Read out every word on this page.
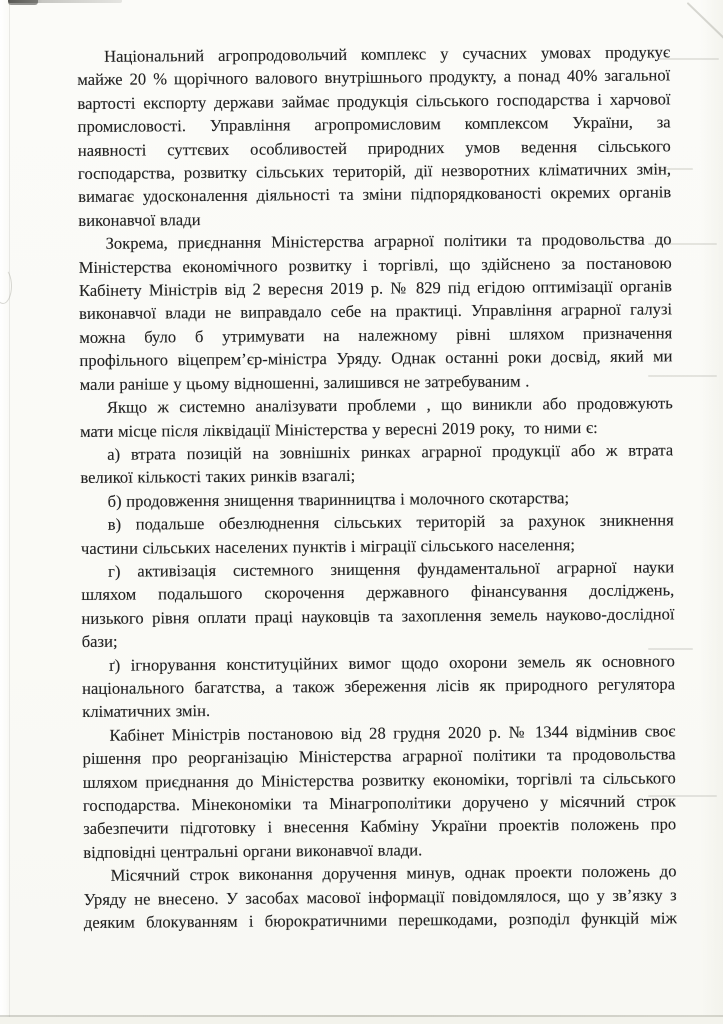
Національний агропродовольчий комплекс у сучасних умовах продукує
майже 20 % щорічного валового внутрішнього продукту, а понад 40% загальної
вартості експорту держави займає продукція сільського господарства і харчової
промисловості. Управління агропромисловим комплексом України, за
наявності суттєвих особливостей природних умов ведення сільського
господарства, розвитку сільських територій, дії незворотних кліматичних змін,
вимагає удосконалення діяльності та зміни підпорядкованості окремих органів
виконавчої влади

Зокрема, приєднання Міністерства аграрної політики та продовольства до
Міністерства економічного розвитку і торгівлі, що здійснено за постановою
Кабінету Міністрів від 2 вересня 2019 р. № 829 під егідою оптимізації органів
виконавчої влади не виправдало себе на практиці. Управління аграрної галузі
можна було б утримувати на належному рівні шляхом призначення
профільного віцепрем’єр-міністра Уряду. Однак останні роки досвід, який ми
мали раніше у цьому відношенні, залишився не затребуваним .

Якщо ж системно аналізувати проблеми , що виникли або продовжують
мати місце після ліквідації Міністерства у вересні 2019 року,  то ними є:

а) втрата позицій на зовнішніх ринках аграрної продукції або ж втрата
великої кількості таких ринків взагалі;

б) продовження знищення тваринництва і молочного скотарства;

в) подальше обезлюднення сільських територій за рахунок зникнення
частини сільських населених пунктів і міграції сільського населення;

г) активізація системного знищення фундаментальної аграрної науки
шляхом подальшого скорочення державного фінансування досліджень,
низького рівня оплати праці науковців та захоплення земель науково-дослідної
бази;

ґ) ігнорування конституційних вимог щодо охорони земель як основного
національного багатства, а також збереження лісів як природного регулятора
кліматичних змін.

Кабінет Міністрів постановою від 28 грудня 2020 р. № 1344 відмінив своє
рішення про реорганізацію Міністерства аграрної політики та продовольства
шляхом приєднання до Міністерства розвитку економіки, торгівлі та сільського
господарства. Мінекономіки та Мінагрополітики доручено у місячний строк
забезпечити підготовку і внесення Кабміну України проектів положень про
відповідні центральні органи виконавчої влади.

Місячний строк виконання доручення минув, однак проекти положень до
Уряду не внесено. У засобах масової інформації повідомлялося, що у зв’язку з
деяким блокуванням і бюрократичними перешкодами, розподіл функцій між
